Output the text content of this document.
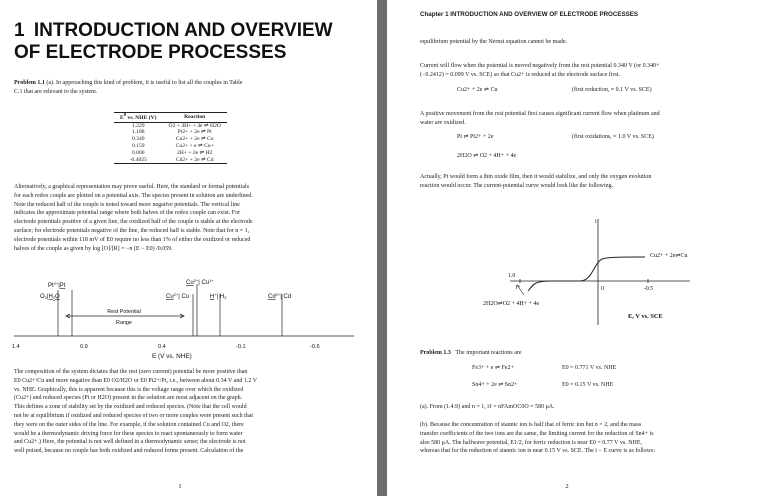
1 INTRODUCTION AND OVERVIEW
OF ELECTRODE PROCESSES
Problem 1.1 (a). In approaching this kind of problem, it is useful to list all the couples in Table
C.1 that are relevant to the system.
$E^0$ vs. NHE (V)	Reaction
1.229	O2 + 4H+ + 4e ⇌ H2O
1.188	Pt2+ + 2e ⇌ Pt
0.340	Cu2+ + 2e ⇌ Cu
0.159	Cu2+ + e ⇌ Cu+
0.000	2H+ + 2e ⇌ H2
-0.4025	Cd2+ + 2e ⇌ Cd
Alternatively, a graphical representation may prove useful. Here, the standard or formal potentials
for each redox couple are plotted on a potential axis. The species present in solution are underlined.
Note the reduced half of the couple is noted toward more negative potentials. The vertical line
indicates the approximate potential range where both halves of the redox couple can exist. For
electrode potentials positive of a given line, the oxidized half of the couple is stable at the electrode
surface; for electrode potentials negative of the line, the reduced half is stable. Note that for n = 1,
electrode potentials within 118 mV of E0 require no less than 1% of either the oxidized or reduced
halves of the couple as given by log [O]/[R] = −n (E − E0) /0.059.
$Pt^{2+}|Pt$
O2|H2O
$Cu^{2+}|$ $Cu^{1+}$
$Cu^{2+}|$ Cu	H+| H2	$Cd^{2+}|$ Cd
Rest Potential
Range
1.4	0.9	0.4	-0.1	-0.6
E (V vs. NHE)
The composition of the system dictates that the rest (zero current) potential be more positive than
E0 Cu2+/Cu and more negative than E0 O2/H2O or E0 Pt2+/Pt, i.e., between about 0.34 V and 1.2 V
vs. NHE. Graphically, this is apparent because this is the voltage range over which the oxidized
(Cu2+) and reduced species (Pt or H2O) present in the solution are most adjacent on the graph.
This defines a zone of stability set by the oxidized and reduced species. (Note that the cell would
not be at equilibrium if oxidized and reduced species of two or more couples were present such that
they were on the outer sides of the line. For example, if the solution contained Cu and O2, there
would be a thermodynamic driving force for these species to react spontaneously to form water
and Cu2+.) Here, the potential is not well defined in a thermodynamic sense; the electrode is not
well poised, because no couple has both oxidized and reduced forms present. Calculation of the
1
Chapter 1 INTRODUCTION AND OVERVIEW OF ELECTRODE PROCESSES
equilibrium potential by the Nernst equation cannot be made.
Current will flow when the potential is moved negatively from the rest potential 0.340 V (or 0.340+
(−0.2412) = 0.099 V vs. SCE) so that Cu2+ is reduced at the electrode surface first.
Cu2+ + 2e ⇌ Cu	(first reduction, ≈ 0.1 V vs. SCE)
A positive movement from the rest potential first causes significant current flow when platinum and
water are oxidized.
Pt ⇌ Pt2+ + 2e	(first oxidations, ≈ 1.0 V vs. SCE)
2H2O ⇌ O2 + 4H+ + 4e
Actually, Pt would form a thin oxide film, then it would stabilize, and only the oxygen evolution
reaction would occur. The current-potential curve would look like the following.
i
Cu2+ + 2e⇌Cu
1.0
0	-0.5
2H2O⇌O2 + 4H+ + 4e
E, V vs. SCE
Problem 1.3 The important reactions are
Fe3+ + e ⇌ Fe2+	E0 = 0.771 V vs. NHE
Sn4+ + 2e ⇌ Sn2+	E0 = 0.15 V vs. NHE
(a). From (1.4.9) and n = 1, iℓ = nFAmOC0O = 580 μA.
(b). Because the concentration of stannic ion is half that of ferric ion but n = 2, and the mass
transfer coefficients of the two ions are the same, the limiting current for the reduction of Sn4+ is
also 580 μA. The halfwave potential, E1/2, for ferric reduction is near E0 = 0.77 V vs. NHE,
whereas that for the reduction of stannic ion is near 0.15 V vs. SCE. The i − E curve is as follows:
2
